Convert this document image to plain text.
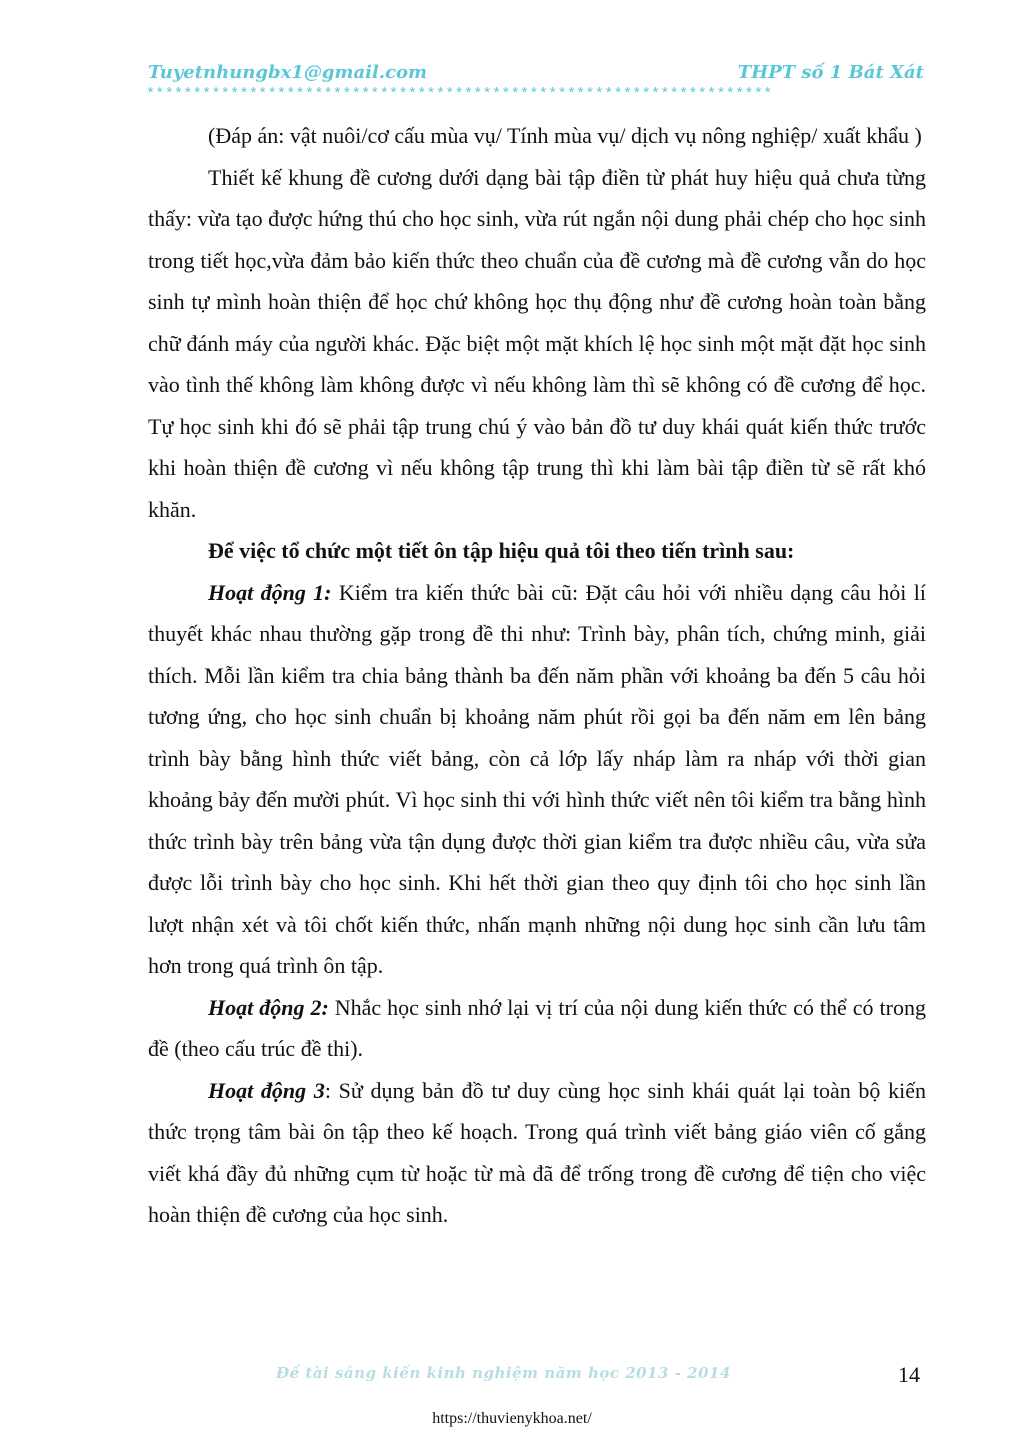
Tuyetnhungbx1@gmail.com	THPT số 1 Bát Xát
*******************************************************************

(Đáp án: vật nuôi/cơ cấu mùa vụ/ Tính mùa vụ/ dịch vụ nông nghiệp/ xuất khẩu )

Thiết kế khung đề cương dưới dạng bài tập điền từ phát huy hiệu quả chưa từng thấy: vừa tạo được hứng thú cho học sinh, vừa rút ngắn nội dung phải chép cho học sinh trong tiết học,vừa đảm bảo kiến thức theo chuẩn của đề cương mà đề cương vẫn do học sinh tự mình hoàn thiện để học chứ không học thụ động như đề cương hoàn toàn bằng chữ đánh máy của người khác. Đặc biệt một mặt khích lệ học sinh một mặt đặt học sinh vào tình thế không làm không được vì nếu không làm thì sẽ không có đề cương để học. Tự học sinh khi đó sẽ phải tập trung chú ý vào bản đồ tư duy khái quát kiến thức trước khi hoàn thiện đề cương vì nếu không tập trung thì khi làm bài tập điền từ sẽ rất khó khăn.

Để việc tổ chức một tiết ôn tập hiệu quả tôi theo tiến trình sau:

Hoạt động 1: Kiểm tra kiến thức bài cũ: Đặt câu hỏi với nhiều dạng câu hỏi lí thuyết khác nhau thường gặp trong đề thi như: Trình bày, phân tích, chứng minh, giải thích. Mỗi lần kiểm tra chia bảng thành ba đến năm phần với khoảng ba đến 5 câu hỏi tương ứng, cho học sinh chuẩn bị khoảng năm phút rồi gọi ba đến năm em lên bảng trình bày bằng hình thức viết bảng, còn cả lớp lấy nháp làm ra nháp với thời gian khoảng bảy đến mười phút. Vì học sinh thi với hình thức viết nên tôi kiểm tra bằng hình thức trình bày trên bảng vừa tận dụng được thời gian kiểm tra được nhiều câu, vừa sửa được lỗi trình bày cho học sinh. Khi hết thời gian theo quy định tôi cho học sinh lần lượt nhận xét và tôi chốt kiến thức, nhấn mạnh những nội dung học sinh cần lưu tâm hơn trong quá trình ôn tập.

Hoạt động 2: Nhắc học sinh nhớ lại vị trí của nội dung kiến thức có thể có trong đề (theo cấu trúc đề thi).

Hoạt động 3: Sử dụng bản đồ tư duy cùng học sinh khái quát lại toàn bộ kiến thức trọng tâm bài ôn tập theo kế hoạch. Trong quá trình viết bảng giáo viên cố gắng viết khá đầy đủ những cụm từ hoặc từ mà đã để trống trong đề cương để tiện cho việc hoàn thiện đề cương của học sinh.

Đề tài sáng kiến kinh nghiệm năm học 2013 - 2014	14
https://thuvienykhoa.net/
